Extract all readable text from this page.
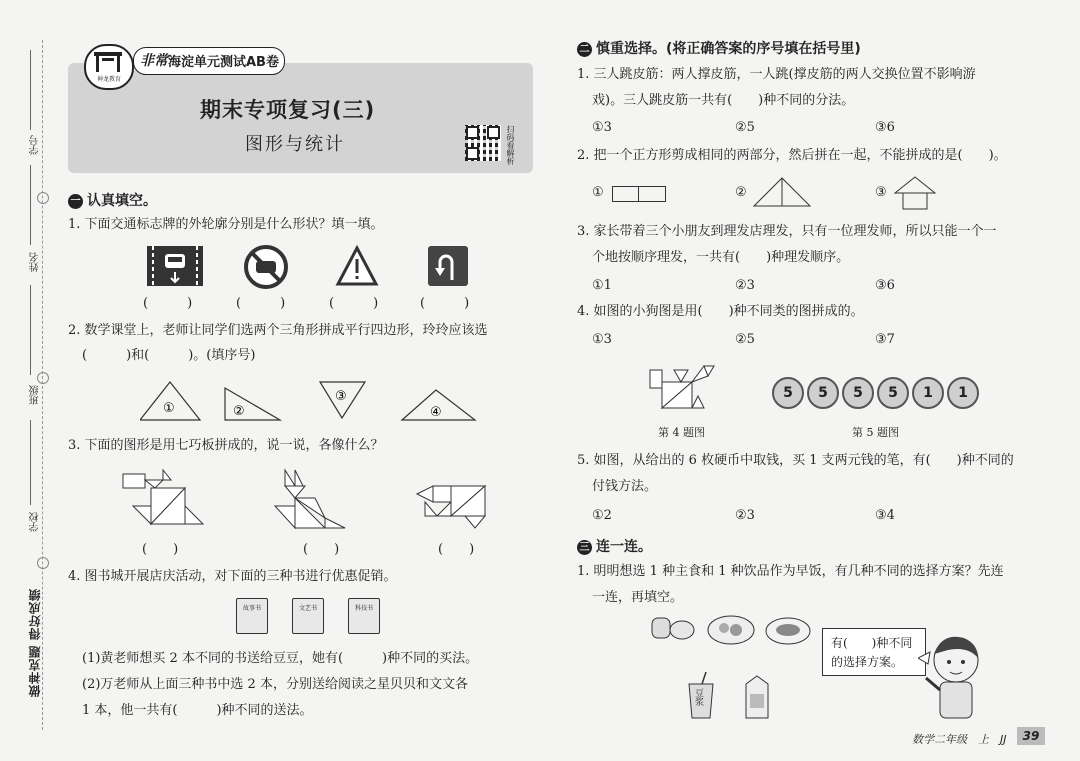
学号
姓名
班级
学校
做神克题 得好成绩
神龙教育
海淀单元测试AB卷
非常
期末专项复习(三)
图形与统计	扫码看解析
一 认真填空。
1. 下面交通标志牌的外轮廓分别是什么形状？填一填。
(　　　)	(　　　)	(　　　)	(　　　)
2. 数学课堂上，老师让同学们选两个三角形拼成平行四边形，玲玲应该选
(　　　)和(　　　)。(填序号)
①	②
③
④
3. 下面的图形是用七巧板拼成的，说一说，各像什么？
(　　)	(　　)	(　　)
4. 图书城开展店庆活动，对下面的三种书进行优惠促销。
故事书	文艺书	科技书
(1)黄老师想买 2 本不同的书送给豆豆，她有(　　　)种不同的买法。
(2)万老师从上面三种书中选 2 本，分别送给阅读之星贝贝和文文各
1 本，他一共有(　　　)种不同的送法。
二 慎重选择。(将正确答案的序号填在括号里)
1. 三人跳皮筋：两人撑皮筋，一人跳(撑皮筋的两人交换位置不影响游
戏)。三人跳皮筋一共有(　　)种不同的分法。
①3	②5	③6
2. 把一个正方形剪成相同的两部分，然后拼在一起，不能拼成的是(　　)。
①	②	③
3. 家长带着三个小朋友到理发店理发，只有一位理发师，所以只能一个一
个地按顺序理发，一共有(　　)种理发顺序。
①1	②3	③6
4. 如图的小狗图是用(　　)种不同类的图拼成的。
①3	②5	③7
第 4 题图
5	5	5	5	1	1
第 5 题图
5. 如图，从给出的 6 枚硬币中取钱，买 1 支两元钱的笔，有(　　)种不同的
付钱方法。
①2	②3	③4
三 连一连。
1. 明明想选 1 种主食和 1 种饮品作为早饭，有几种不同的选择方案？先连
一连，再填空。
豆浆
有(　　)种不同
的选择方案。
数学二年级　上　JJ	39
